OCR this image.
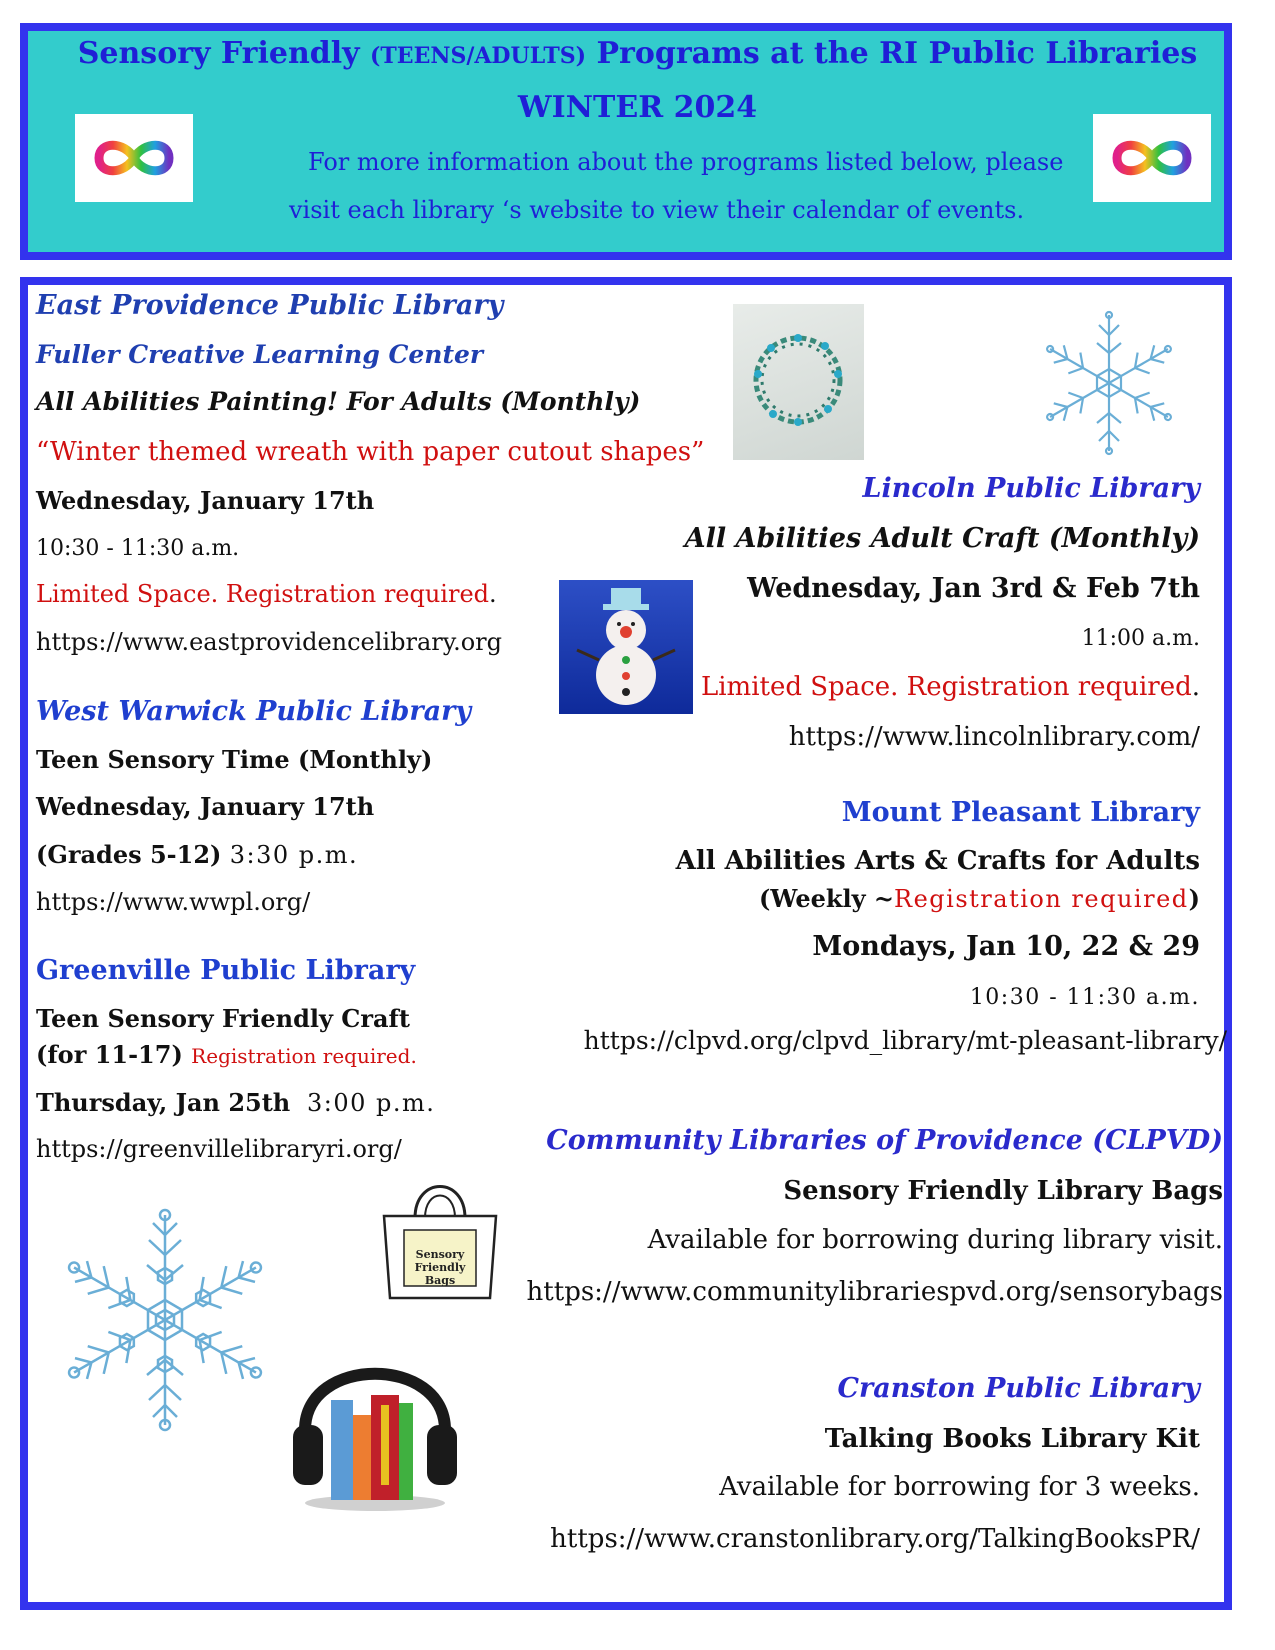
Sensory Friendly (TEENS/ADULTS) Programs at the RI Public Libraries
WINTER 2024
For more information about the programs listed below, please
visit each library ‘s website to view their calendar of events.
East Providence Public Library
Fuller Creative Learning Center
All Abilities Painting! For Adults (Monthly)
“Winter themed wreath with paper cutout shapes”
Wednesday, January 17th
10:30 - 11:30 a.m.
Limited Space. Registration required.
https://www.eastprovidencelibrary.org
West Warwick Public Library
Teen Sensory Time (Monthly)
Wednesday, January 17th
(Grades 5-12) 3:30 p.m.
https://www.wwpl.org/
Greenville Public Library
Teen Sensory Friendly Craft
(for 11-17) Registration required.
Thursday, Jan 25th 3:00 p.m.
https://greenvillelibraryri.org/
Lincoln Public Library
All Abilities Adult Craft (Monthly)
Wednesday, Jan 3rd & Feb 7th
11:00 a.m.
Limited Space. Registration required.
https://www.lincolnlibrary.com/
Mount Pleasant Library
All Abilities Arts & Crafts for Adults
(Weekly ~Registration required)
Mondays, Jan 10, 22 & 29
10:30 - 11:30 a.m.
https://clpvd.org/clpvd_library/mt-pleasant-library/
Community Libraries of Providence (CLPVD)
Sensory Friendly Library Bags
Available for borrowing during library visit.
https://www.communitylibrariespvd.org/sensorybags
Sensory
Friendly
Bags
Cranston Public Library
Talking Books Library Kit
Available for borrowing for 3 weeks.
https://www.cranstonlibrary.org/TalkingBooksPR/
